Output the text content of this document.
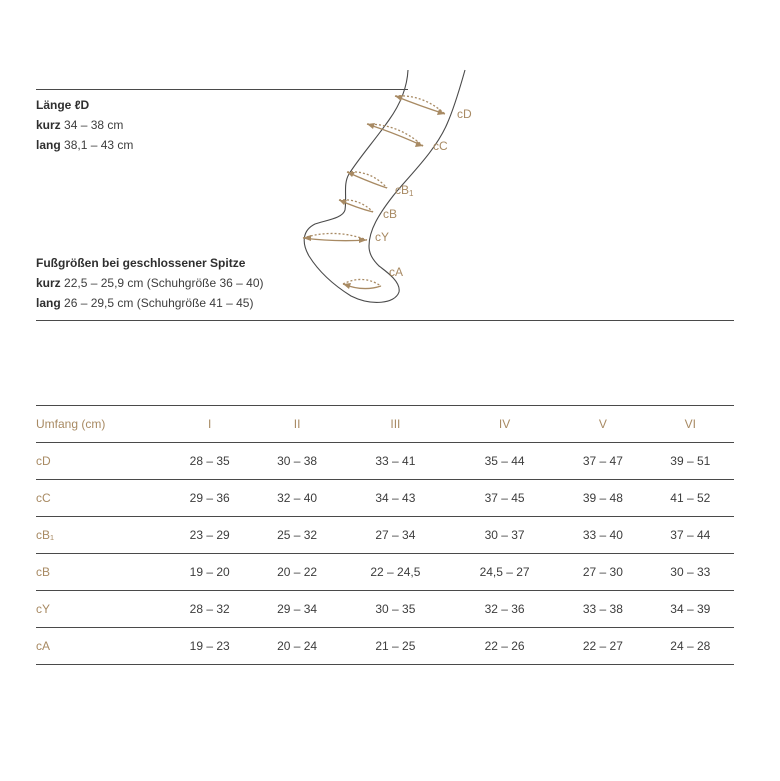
Länge ℓD
kurz 34 – 38 cm
lang 38,1 – 43 cm
Fußgrößen bei geschlossener Spitze
kurz 22,5 – 25,9 cm (Schuhgröße 36 – 40)
lang 26 – 29,5 cm (Schuhgröße 41 – 45)
cD
cC
cB1
cB
cY
cA
Umfang (cm)	I	II	III	IV	V	VI
cD	28 – 35	30 – 38	33 – 41	35 – 44	37 – 47	39 – 51
cC	29 – 36	32 – 40	34 – 43	37 – 45	39 – 48	41 – 52
cB₁	23 – 29	25 – 32	27 – 34	30 – 37	33 – 40	37 – 44
cB	19 – 20	20 – 22	22 – 24,5	24,5 – 27	27 – 30	30 – 33
cY	28 – 32	29 – 34	30 – 35	32 – 36	33 – 38	34 – 39
cA	19 – 23	20 – 24	21 – 25	22 – 26	22 – 27	24 – 28
